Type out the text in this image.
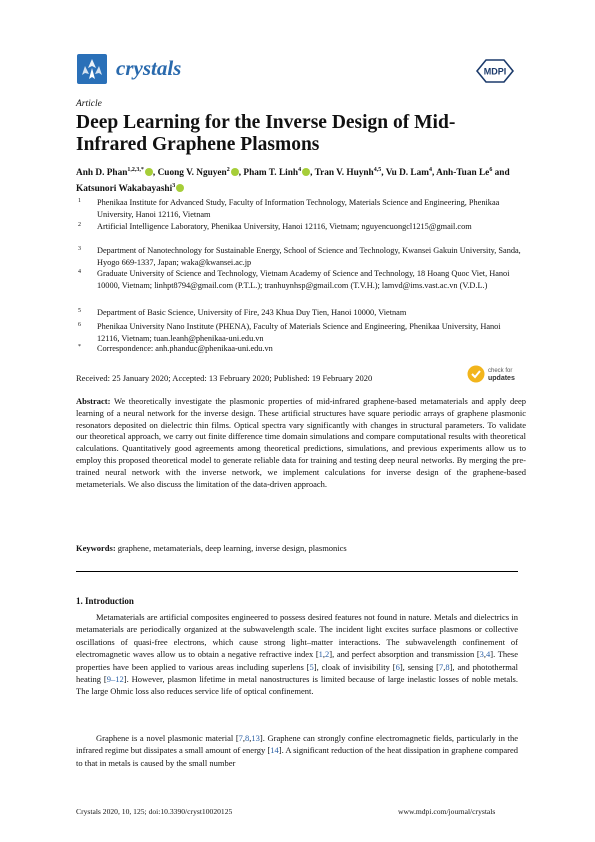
crystals	MDPI
Article
Deep Learning for the Inverse Design of Mid-Infrared Graphene Plasmons
Anh D. Phan$^{1,2,3,*}$ , Cuong V. Nguyen$^2$ , Pham T. Linh$^4$ , Tran V. Huynh$^{4,5}$, Vu D. Lam$^4$, Anh-Tuan Le$^6$ and Katsunori Wakabayashi$^3$
1 Phenikaa Institute for Advanced Study, Faculty of Information Technology, Materials Science and Engineering, Phenikaa University, Hanoi 12116, Vietnam
2 Artificial Intelligence Laboratory, Phenikaa University, Hanoi 12116, Vietnam; nguyencuongcl1215@gmail.com
3 Department of Nanotechnology for Sustainable Energy, School of Science and Technology, Kwansei Gakuin University, Sanda, Hyogo 669-1337, Japan; waka@kwansei.ac.jp
4 Graduate University of Science and Technology, Vietnam Academy of Science and Technology, 18 Hoang Quoc Viet, Hanoi 10000, Vietnam; linhpt8794@gmail.com (P.T.L.); tranhuynhsp@gmail.com (T.V.H.); lamvd@ims.vast.ac.vn (V.D.L.)
5 Department of Basic Science, University of Fire, 243 Khua Duy Tien, Hanoi 10000, Vietnam
6 Phenikaa University Nano Institute (PHENA), Faculty of Materials Science and Engineering, Phenikaa University, Hanoi 12116, Vietnam; tuan.leanh@phenikaa-uni.edu.vn
* Correspondence: anh.phanduc@phenikaa-uni.edu.vn
Received: 25 January 2020; Accepted: 13 February 2020; Published: 19 February 2020
check for
updates
Abstract: We theoretically investigate the plasmonic properties of mid-infrared graphene-based metamaterials and apply deep learning of a neural network for the inverse design. These artificial structures have square periodic arrays of graphene plasmonic resonators deposited on dielectric thin films. Optical spectra vary significantly with changes in structural parameters. To validate our theoretical approach, we carry out finite difference time domain simulations and compare computational results with theoretical calculations. Quantitatively good agreements among theoretical predictions, simulations, and previous experiments allow us to employ this proposed theoretical model to generate reliable data for training and testing deep neural networks. By merging the pre-trained neural network with the inverse network, we implement calculations for inverse design of the graphene-based metameterials. We also discuss the limitation of the data-driven approach.
Keywords: graphene, metamaterials, deep learning, inverse design, plasmonics
1. Introduction

Metamaterials are artificial composites engineered to possess desired features not found in nature. Metals and dielectrics in metamaterials are periodically organized at the subwavelength scale. The incident light excites surface plasmons or collective oscillations of quasi-free electrons, which cause strong light–matter interactions. The subwavelength confinement of electromagnetic waves allow us to obtain a negative refractive index [1,2], and perfect absorption and transmission [3,4]. These properties have been applied to various areas including superlens [5], cloak of invisibility [6], sensing [7,8], and photothermal heating [9–12]. However, plasmon lifetime in metal nanostructures is limited because of large inelastic losses of noble metals. The large Ohmic loss also reduces service life of optical confinement.

Graphene is a novel plasmonic material [7,8,13]. Graphene can strongly confine electromagnetic fields, particularly in the infrared regime but dissipates a small amount of energy [14]. A significant reduction of the heat dissipation in graphene compared to that in metals is caused by the small number

Crystals 2020, 10, 125; doi:10.3390/cryst10020125	www.mdpi.com/journal/crystals
